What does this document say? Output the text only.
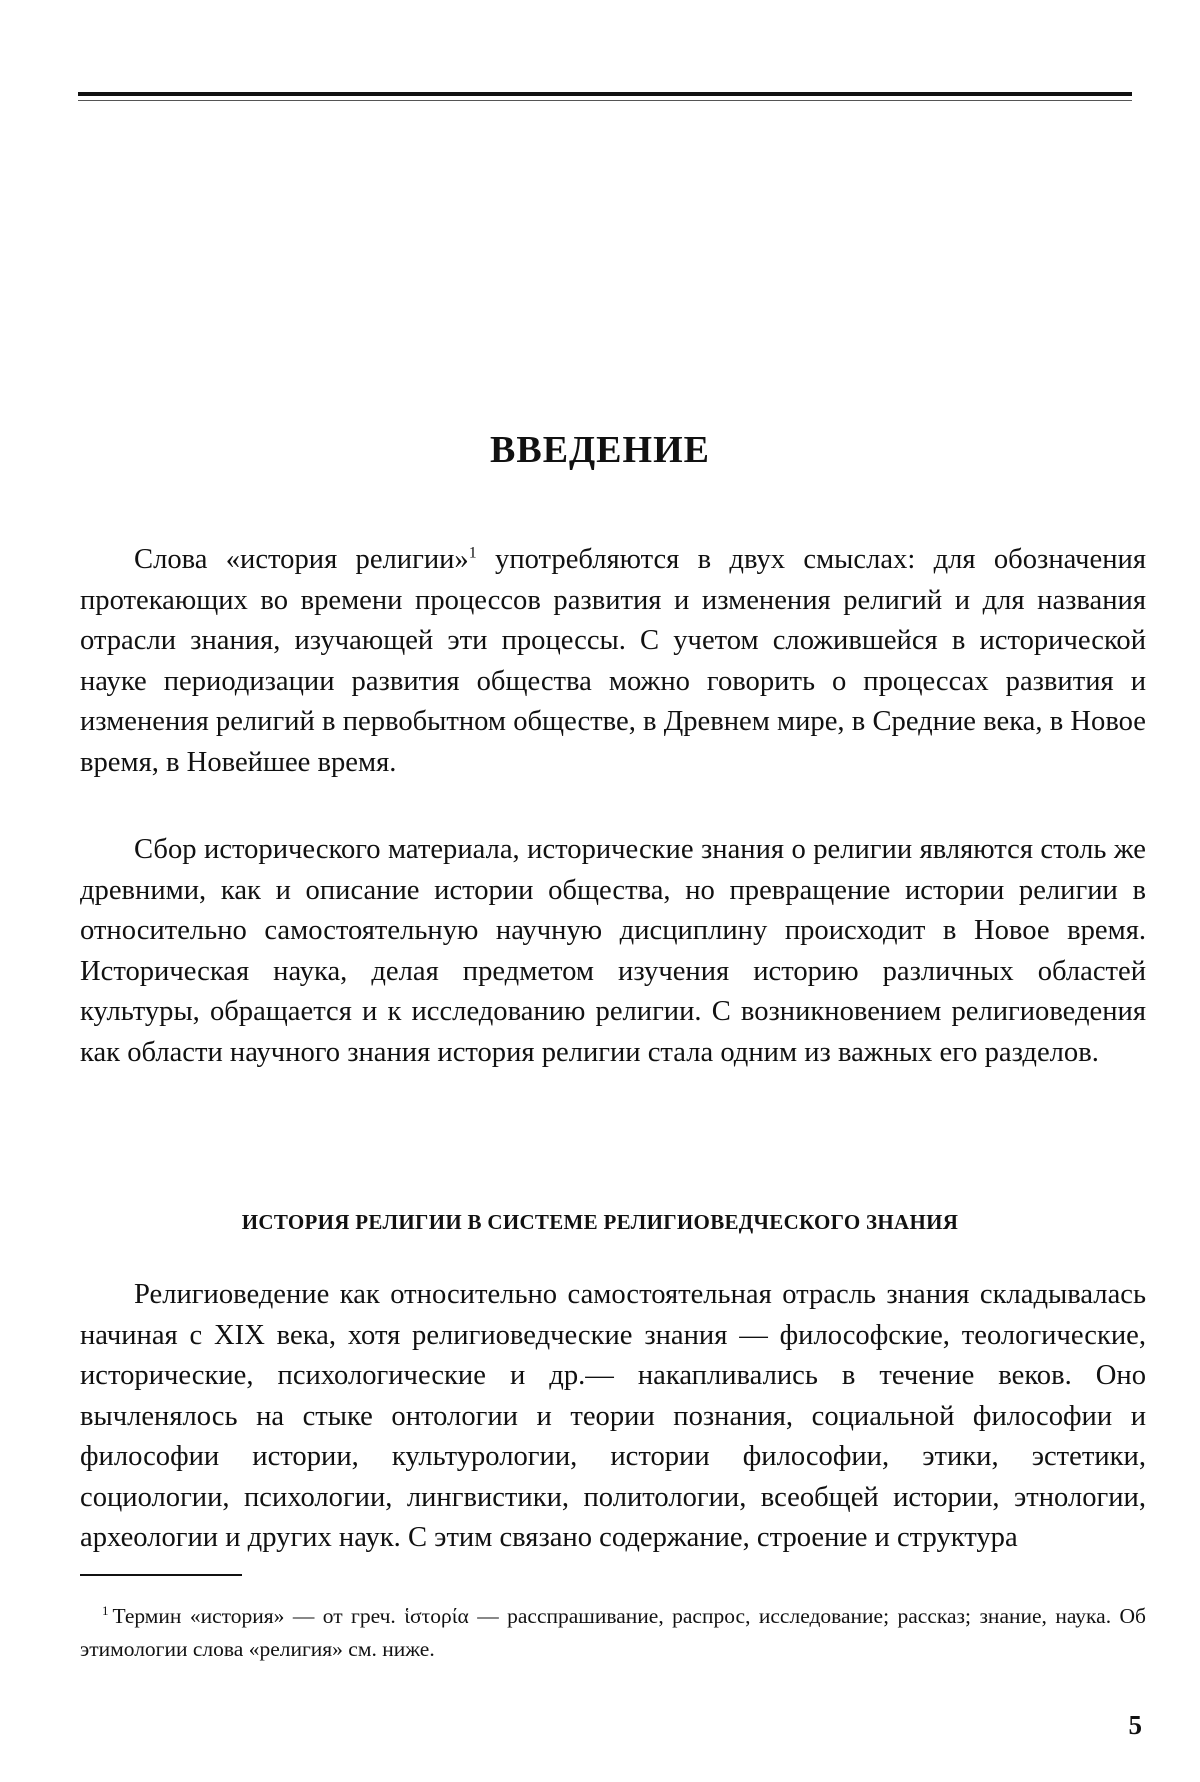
ВВЕДЕНИЕ

Слова «история религии»$^1$ употребляются в двух смыслах: для обозначения протекающих во времени процессов развития и изменения религий и для названия отрасли знания, изучающей эти процессы. С учетом сложившейся в исторической науке периодизации развития общества можно говорить о процессах развития и изменения религий в первобытном обществе, в Древнем мире, в Средние века, в Новое время, в Новейшее время.

Сбор исторического материала, исторические знания о религии являются столь же древними, как и описание истории общества, но превращение истории религии в относительно самостоятельную научную дисциплину происходит в Новое время. Историческая наука, делая предметом изучения историю различных областей культуры, обращается и к исследованию религии. С возникновением религиоведения как области научного знания история религии стала одним из важных его разделов.

ИСТОРИЯ РЕЛИГИИ В СИСТЕМЕ РЕЛИГИОВЕДЧЕСКОГО ЗНАНИЯ

Религиоведение как относительно самостоятельная отрасль знания складывалась начиная с XIX века, хотя религиоведческие знания — философские, теологические, исторические, психологические и др.— накапливались в течение веков. Оно вычленялось на стыке онтологии и теории познания, социальной философии и философии истории, культурологии, истории философии, этики, эстетики, социологии, психологии, лингвистики, политологии, всеобщей истории, этнологии, археологии и других наук. С этим связано содержание, строение и структура

$^1$ Термин «история» — от греч. ἱστορία — расспрашивание, распрос, исследование; рассказ; знание, наука. Об этимологии слова «религия» см. ниже.

5
